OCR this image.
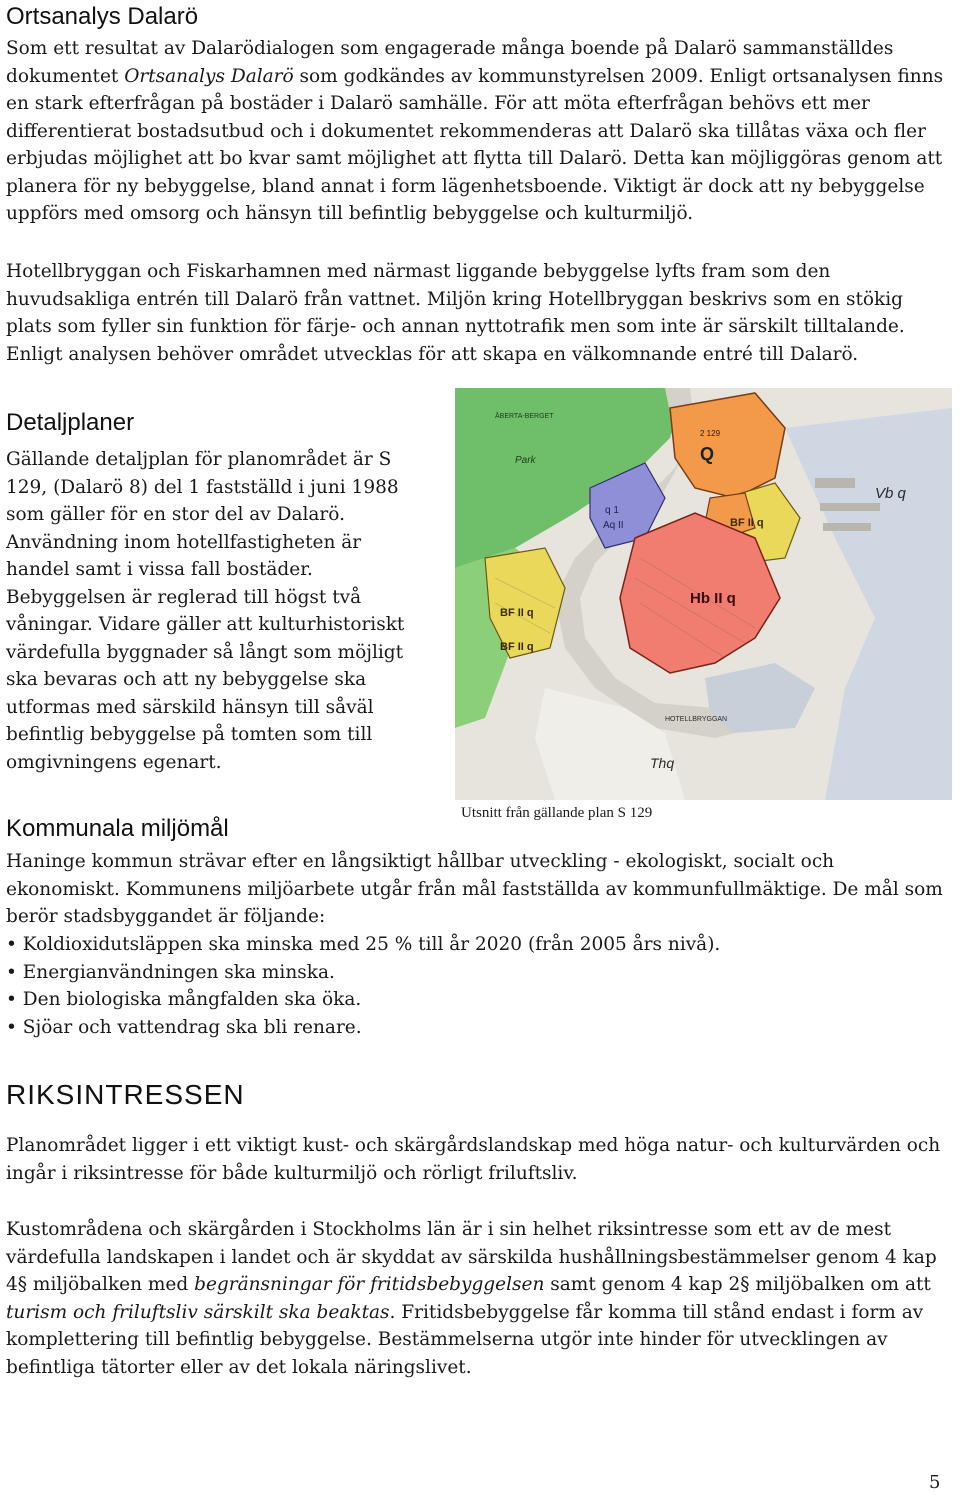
Ortsanalys Dalarö

Som ett resultat av Dalarödialogen som engagerade många boende på Dalarö sammanställdes dokumentet Ortsanalys Dalarö som godkändes av kommunstyrelsen 2009. Enligt ortsanalysen finns en stark efterfrågan på bostäder i Dalarö samhälle. För att möta efterfrågan behövs ett mer differentierat bostadsutbud och i dokumentet rekommenderas att Dalarö ska tillåtas växa och fler erbjudas möjlighet att bo kvar samt möjlighet att flytta till Dalarö. Detta kan möjliggöras genom att planera för ny bebyggelse, bland annat i form lägenhetsboende. Viktigt är dock att ny bebyggelse uppförs med omsorg och hänsyn till befintlig bebyggelse och kulturmiljö.

Hotellbryggan och Fiskarhamnen med närmast liggande bebyggelse lyfts fram som den huvudsakliga entrén till Dalarö från vattnet. Miljön kring Hotellbryggan beskrivs som en stökig plats som fyller sin funktion för färje- och annan nyttotrafik men som inte är särskilt tilltalande. Enligt analysen behöver området utvecklas för att skapa en välkomnande entré till Dalarö.

Detaljplaner

Gällande detaljplan för planområdet är S 129, (Dalarö 8) del 1 fastställd i juni 1988 som gäller för en stor del av Dalarö. Användning inom hotellfastigheten är handel samt i vissa fall bostäder. Bebyggelsen är reglerad till högst två våningar. Vidare gäller att kulturhistoriskt värdefulla byggnader så långt som möjligt ska bevaras och att ny bebyggelse ska utformas med särskild hänsyn till såväl befintlig bebyggelse på tomten som till omgivningens egenart.

Q
2 129
Park
ÅBERTA-BERGET
q 1
Aq II	BF II q
BF II q
BF II q
Hb II q
Vb q
HOTELLBRYGGAN
Thq
Utsnitt från gällande plan S 129
Kommunala miljömål

Haninge kommun strävar efter en långsiktigt hållbar utveckling - ekologiskt, socialt och ekonomiskt. Kommunens miljöarbete utgår från mål fastställda av kommunfullmäktige. De mål som berör stadsbyggandet är följande:

• Koldioxidutsläppen ska minska med 25 % till år 2020 (från 2005 års nivå).
• Energianvändningen ska minska.
• Den biologiska mångfalden ska öka.
• Sjöar och vattendrag ska bli renare.
RIKSINTRESSEN

Planområdet ligger i ett viktigt kust- och skärgårdslandskap med höga natur- och kulturvärden och ingår i riksintresse för både kulturmiljö och rörligt friluftsliv.

Kustområdena och skärgården i Stockholms län är i sin helhet riksintresse som ett av de mest värdefulla landskapen i landet och är skyddat av särskilda hushållningsbestämmelser genom 4 kap 4§ miljöbalken med begränsningar för fritidsbebyggelsen samt genom 4 kap 2§ miljöbalken om att turism och friluftsliv särskilt ska beaktas. Fritidsbebyggelse får komma till stånd endast i form av komplettering till befintlig bebyggelse. Bestämmelserna utgör inte hinder för utvecklingen av befintliga tätorter eller av det lokala näringslivet.

5
